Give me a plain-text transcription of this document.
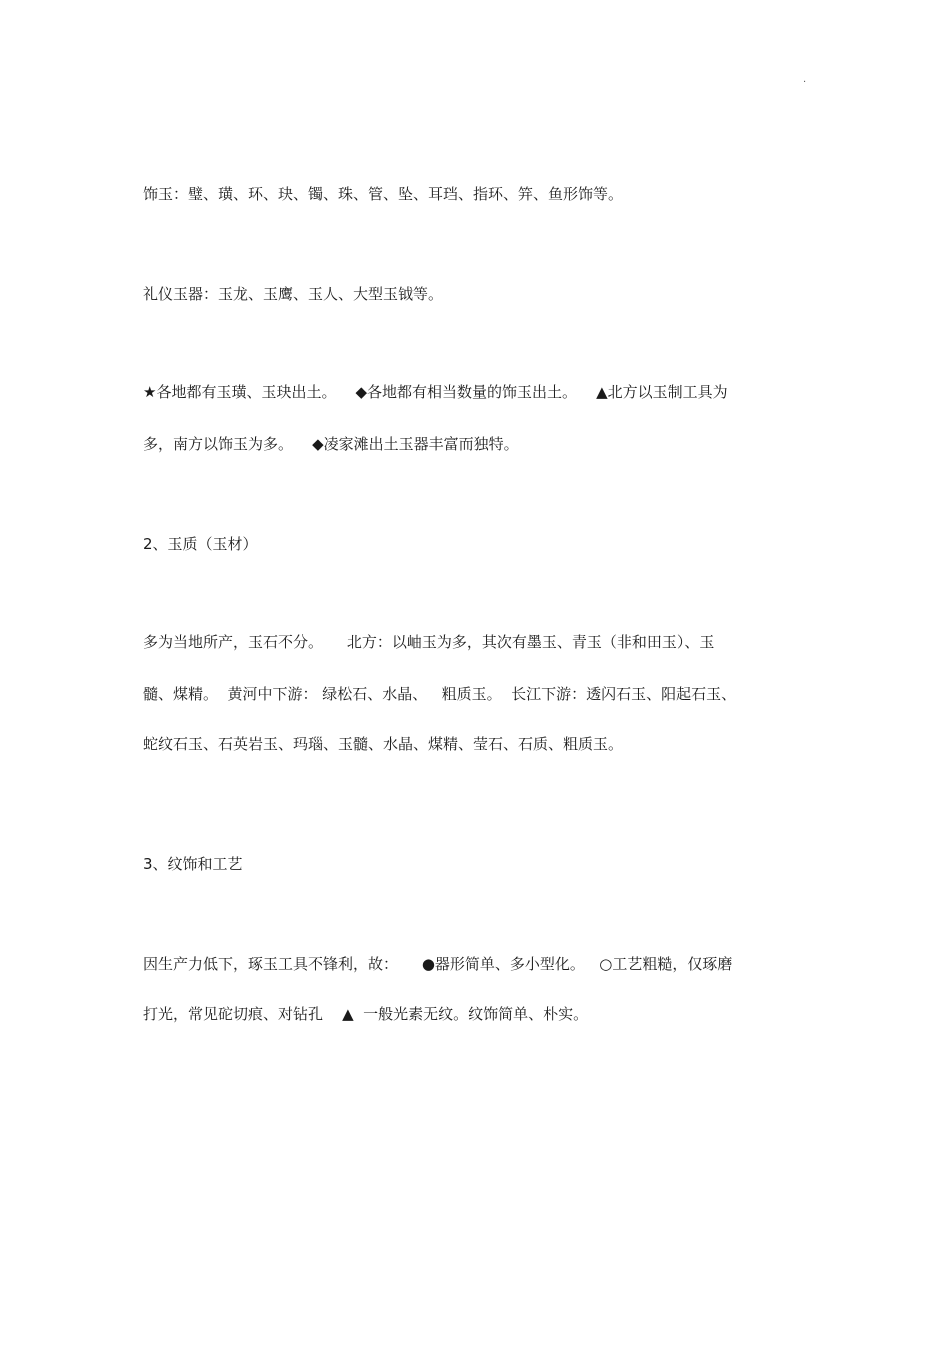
.
饰玉：璧、璜、环、玦、镯、珠、管、坠、耳珰、指环、笄、鱼形饰等。
礼仪玉器：玉龙、玉鹰、玉人、大型玉钺等。
★各地都有玉璜、玉玦出土。    ◆各地都有相当数量的饰玉出土。    ▲北方以玉制工具为
多，南方以饰玉为多。    ◆凌家滩出土玉器丰富而独特。
2、玉质（玉材）
多为当地所产，玉石不分。     北方：以岫玉为多，其次有墨玉、青玉（非和田玉）、玉
髓、煤精。  黄河中下游： 绿松石、水晶、   粗质玉。  长江下游：透闪石玉、阳起石玉、
蛇纹石玉、石英岩玉、玛瑙、玉髓、水晶、煤精、莹石、石质、粗质玉。
3、纹饰和工艺
因生产力低下，琢玉工具不锋利，故：     ●器形简单、多小型化。   ○工艺粗糙，仅琢磨
打光，常见砣切痕、对钻孔    ▲  一般光素无纹。纹饰简单、朴实。
